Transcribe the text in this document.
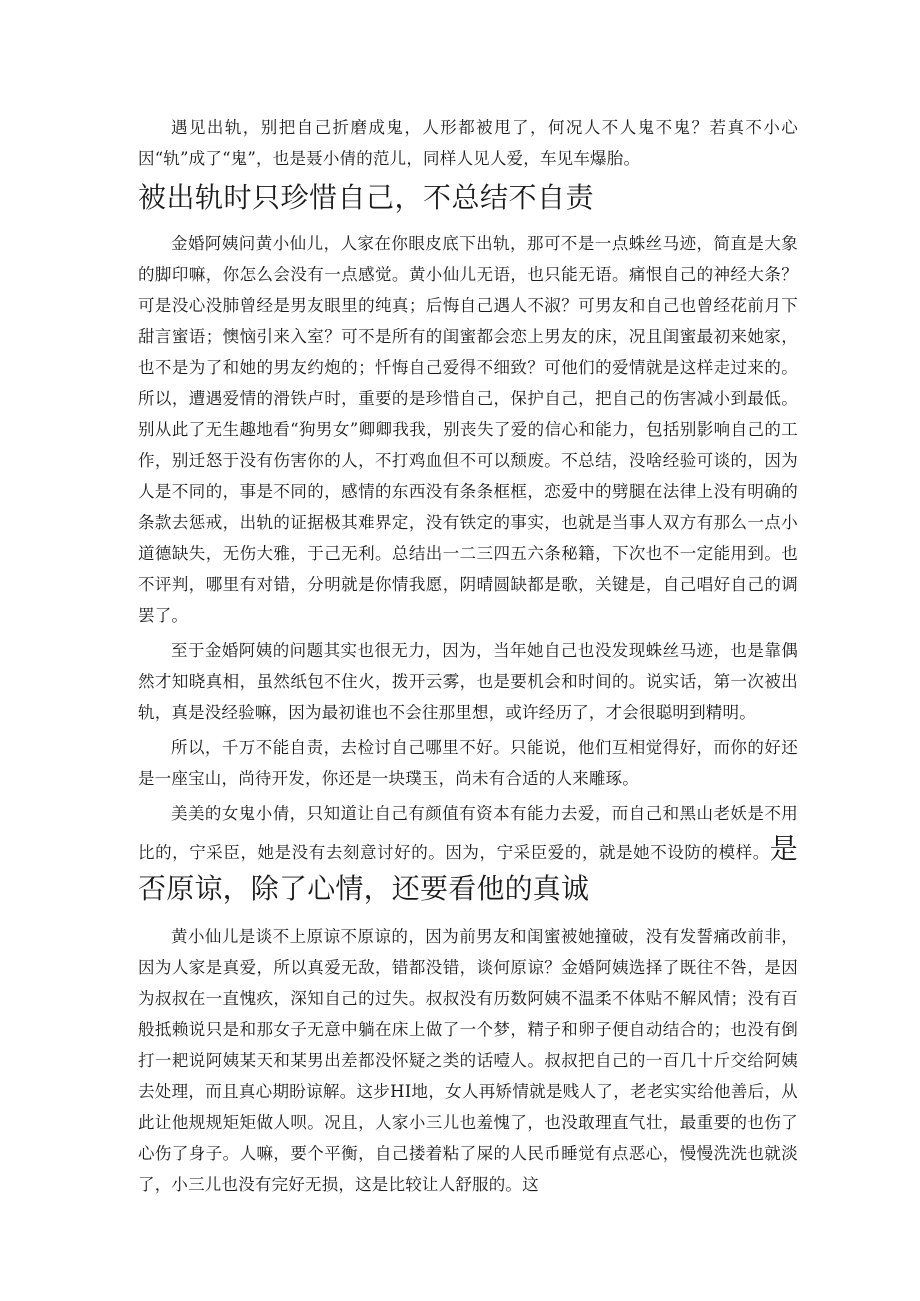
遇见出轨，别把自己折磨成鬼，人形都被甩了，何况人不人鬼不鬼？若真不小心因“轨”成了“鬼”，也是聂小倩的范儿，同样人见人爱，车见车爆胎。

被出轨时只珍惜自己，不总结不自责

金婚阿姨问黄小仙儿，人家在你眼皮底下出轨，那可不是一点蛛丝马迹，简直是大象的脚印嘛，你怎么会没有一点感觉。黄小仙儿无语，也只能无语。痛恨自己的神经大条？可是没心没肺曾经是男友眼里的纯真；后悔自己遇人不淑？可男友和自己也曾经花前月下甜言蜜语；懊恼引来入室？可不是所有的闺蜜都会恋上男友的床，况且闺蜜最初来她家，也不是为了和她的男友约炮的；忏悔自己爱得不细致？可他们的爱情就是这样走过来的。所以，遭遇爱情的滑铁卢时，重要的是珍惜自己，保护自己，把自己的伤害减小到最低。别从此了无生趣地看“狗男女”卿卿我我，别丧失了爱的信心和能力，包括别影响自己的工作，别迁怒于没有伤害你的人，不打鸡血但不可以颓废。不总结，没啥经验可谈的，因为人是不同的，事是不同的，感情的东西没有条条框框，恋爱中的劈腿在法律上没有明确的条款去惩戒，出轨的证据极其难界定，没有铁定的事实，也就是当事人双方有那么一点小道德缺失，无伤大雅，于己无利。总结出一二三四五六条秘籍，下次也不一定能用到。也不评判，哪里有对错，分明就是你情我愿，阴晴圆缺都是歌，关键是，自己唱好自己的调罢了。

至于金婚阿姨的问题其实也很无力，因为，当年她自己也没发现蛛丝马迹，也是靠偶然才知晓真相，虽然纸包不住火，拨开云雾，也是要机会和时间的。说实话，第一次被出轨，真是没经验嘛，因为最初谁也不会往那里想，或许经历了，才会很聪明到精明。

所以，千万不能自责，去检讨自己哪里不好。只能说，他们互相觉得好，而你的好还是一座宝山，尚待开发，你还是一块璞玉，尚未有合适的人来雕琢。

美美的女鬼小倩，只知道让自己有颜值有资本有能力去爱，而自己和黑山老妖是不用比的，宁采臣，她是没有去刻意讨好的。因为，宁采臣爱的，就是她不设防的模样。是否原谅，除了心情，还要看他的真诚

黄小仙儿是谈不上原谅不原谅的，因为前男友和闺蜜被她撞破，没有发誓痛改前非，因为人家是真爱，所以真爱无敌，错都没错，谈何原谅？金婚阿姨选择了既往不咎，是因为叔叔在一直愧疚，深知自己的过失。叔叔没有历数阿姨不温柔不体贴不解风情；没有百般抵赖说只是和那女子无意中躺在床上做了一个梦，精子和卵子便自动结合的；也没有倒打一耙说阿姨某天和某男出差都没怀疑之类的话噎人。叔叔把自己的一百几十斤交给阿姨去处理，而且真心期盼谅解。这步HI地，女人再矫情就是贱人了，老老实实给他善后，从此让他规规矩矩做人呗。况且，人家小三儿也羞愧了，也没敢理直气壮，最重要的也伤了心伤了身子。人嘛，要个平衡，自己搂着粘了屎的人民币睡觉有点恶心，慢慢洗洗也就淡了，小三儿也没有完好无损，这是比较让人舒服的。这
